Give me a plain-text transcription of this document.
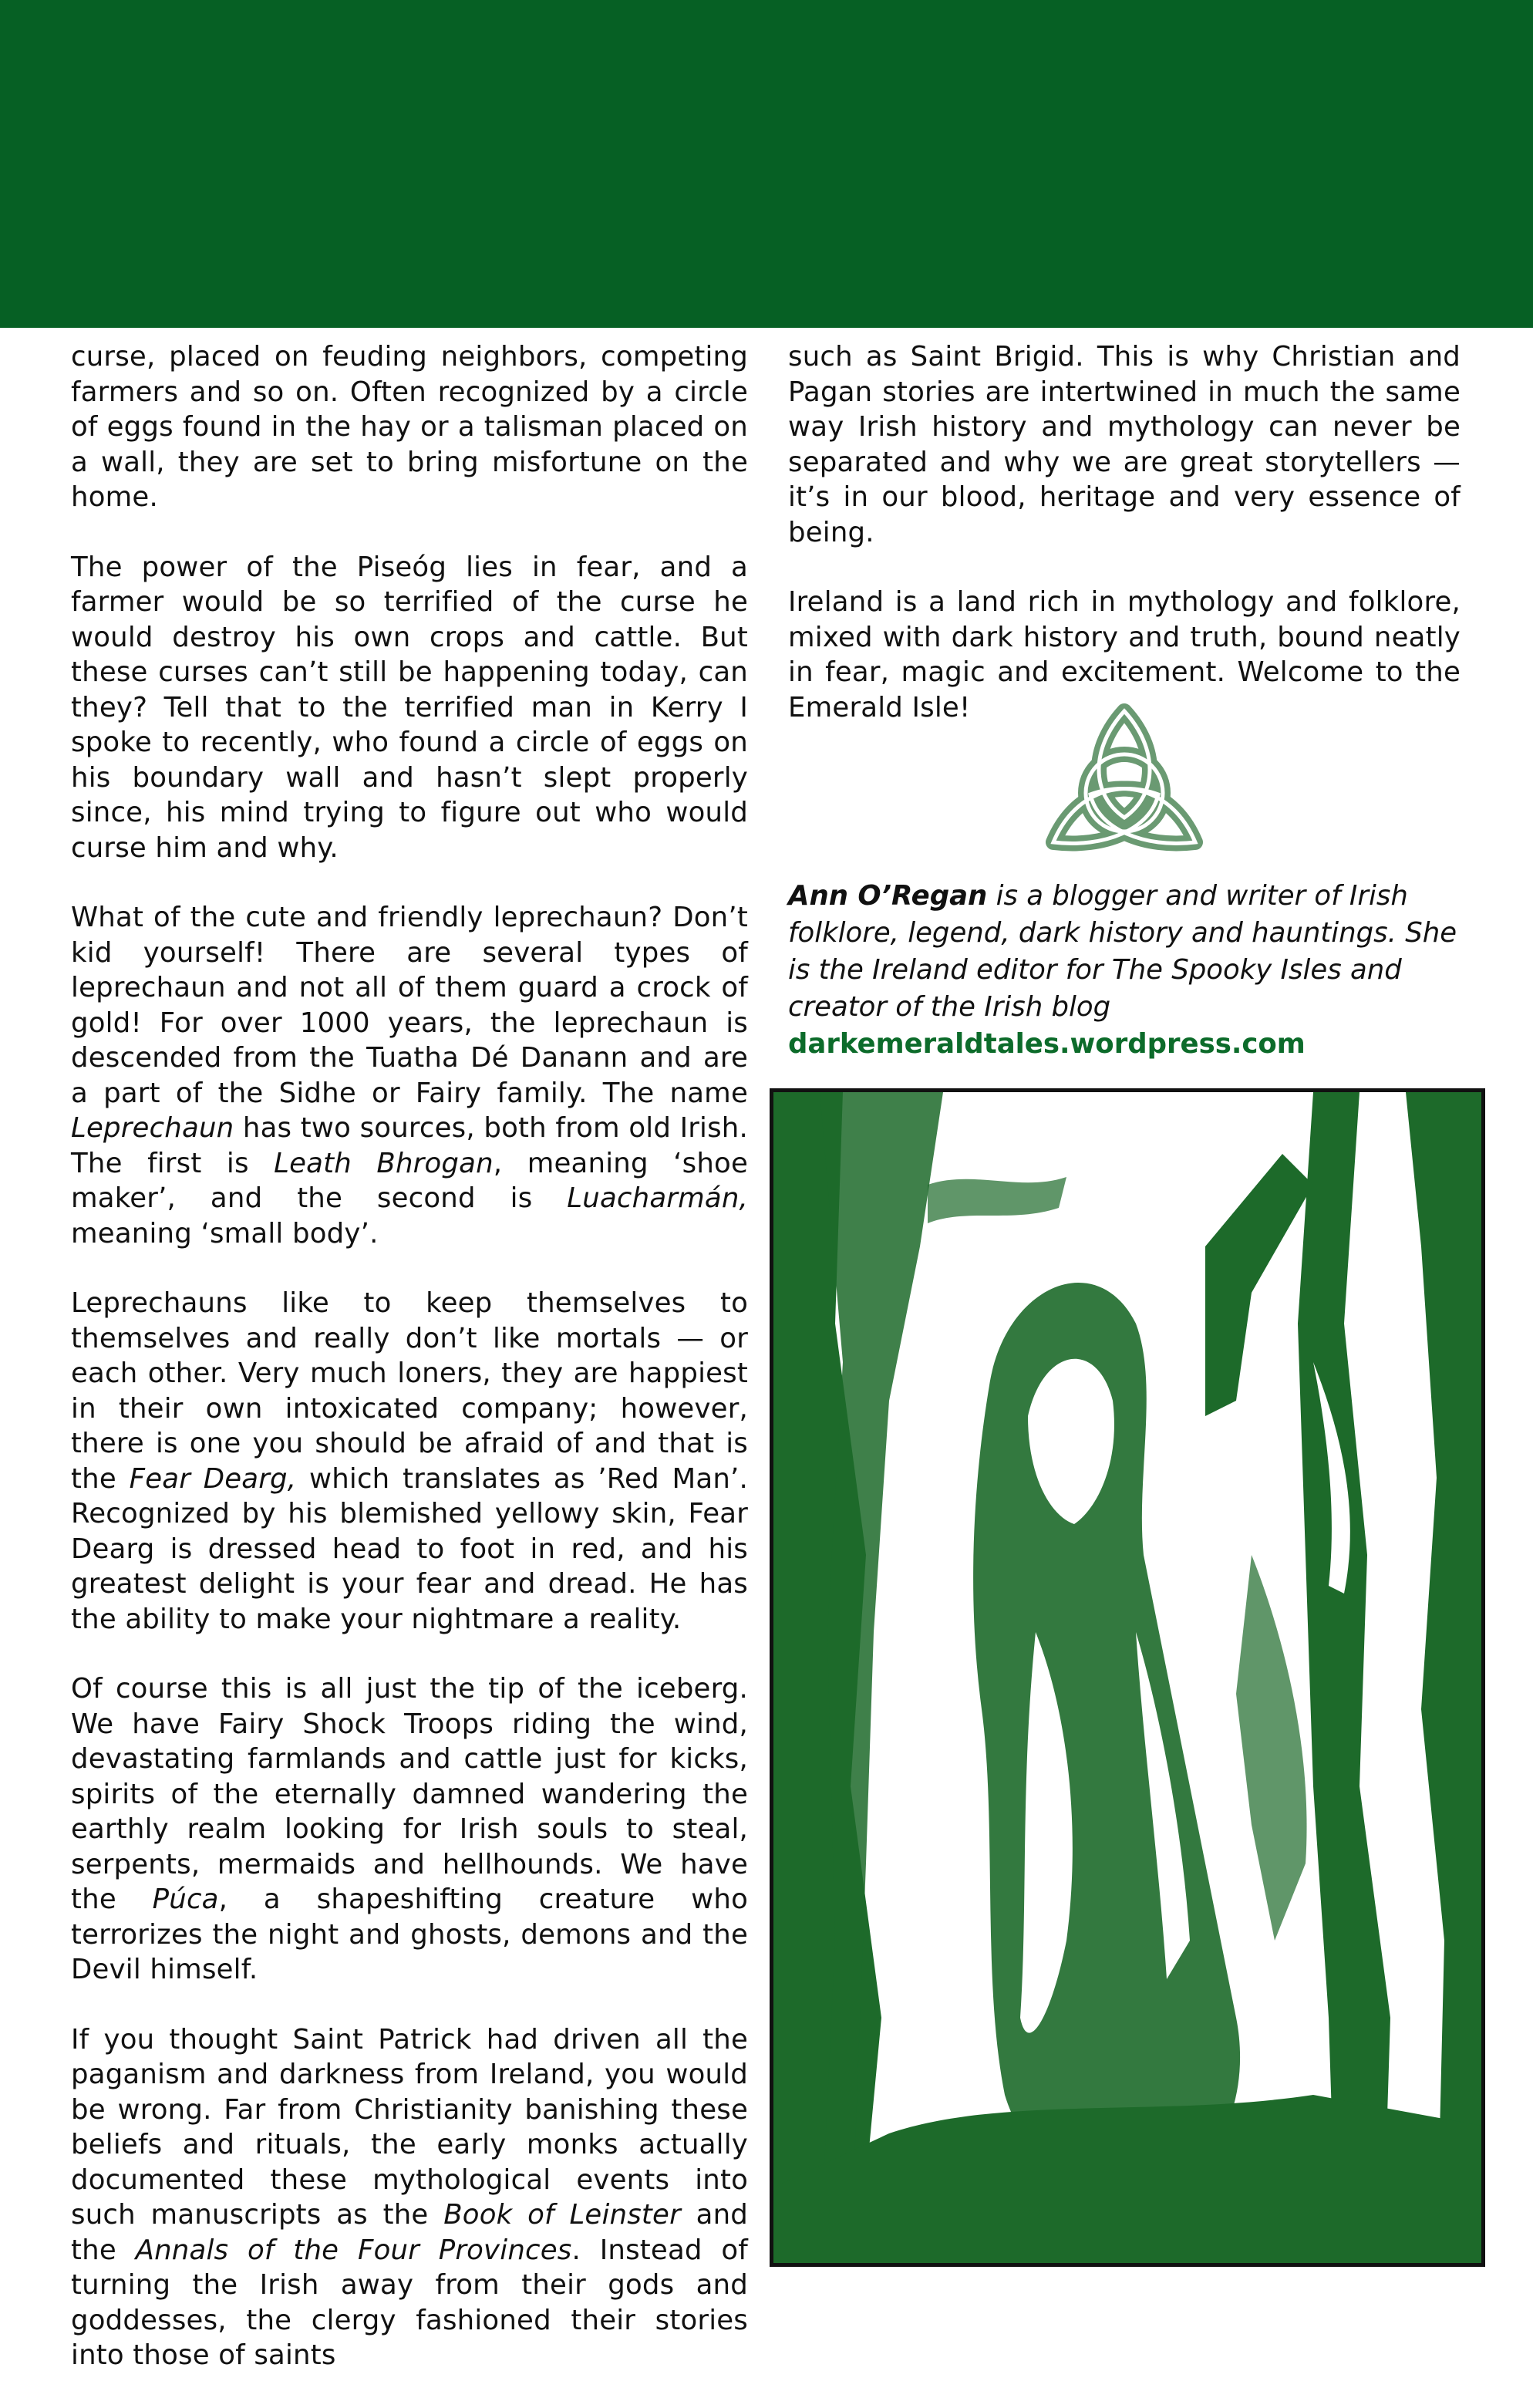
curse, placed on feuding neighbors, competing farmers and so on. Often recognized by a circle of eggs found in the hay or a talisman placed on a wall, they are set to bring misfortune on the home.

The power of the Piseóg lies in fear, and a farmer would be so terrified of the curse he would destroy his own crops and cattle. But these curses can’t still be happening today, can they? Tell that to the terrified man in Kerry I spoke to recently, who found a circle of eggs on his boundary wall and hasn’t slept properly since, his mind trying to figure out who would curse him and why.

What of the cute and friendly leprechaun? Don’t kid yourself! There are several types of leprechaun and not all of them guard a crock of gold! For over 1000 years, the leprechaun is descended from the Tuatha Dé Danann and are a part of the Sidhe or Fairy family. The name Leprechaun has two sources, both from old Irish. The first is Leath Bhrogan, meaning ‘shoe maker’, and the second is Luacharmán, meaning ‘small body’.

Leprechauns like to keep themselves to themselves and really don’t like mortals — or each other. Very much loners, they are happiest in their own intoxicated company; however, there is one you should be afraid of and that is the Fear Dearg, which translates as ’Red Man’. Recognized by his blemished yellowy skin, Fear Dearg is dressed head to foot in red, and his greatest delight is your fear and dread. He has the ability to make your nightmare a reality.

Of course this is all just the tip of the iceberg. We have Fairy Shock Troops riding the wind, devastating farmlands and cattle just for kicks, spirits of the eternally damned wandering the earthly realm looking for Irish souls to steal, serpents, mermaids and hellhounds. We have the Púca, a shapeshifting creature who terrorizes the night and ghosts, demons and the Devil himself.

If you thought Saint Patrick had driven all the paganism and darkness from Ireland, you would be wrong. Far from Christianity banishing these beliefs and rituals, the early monks actually documented these mythological events into such manuscripts as the Book of Leinster and the Annals of the Four Provinces. Instead of turning the Irish away from their gods and goddesses, the clergy fashioned their stories into those of saints

such as Saint Brigid. This is why Christian and Pagan stories are intertwined in much the same way Irish history and mythology can never be separated and why we are great storytellers — it’s in our blood, heritage and very essence of being.

Ireland is a land rich in mythology and folklore, mixed with dark history and truth, bound neatly in fear, magic and excitement. Welcome to the Emerald Isle!

Ann O’Regan is a blogger and writer of Irish folklore, legend, dark history and hauntings. She is the Ireland editor for The Spooky Isles and creator of the Irish blog darkemeraldtales.wordpress.com
